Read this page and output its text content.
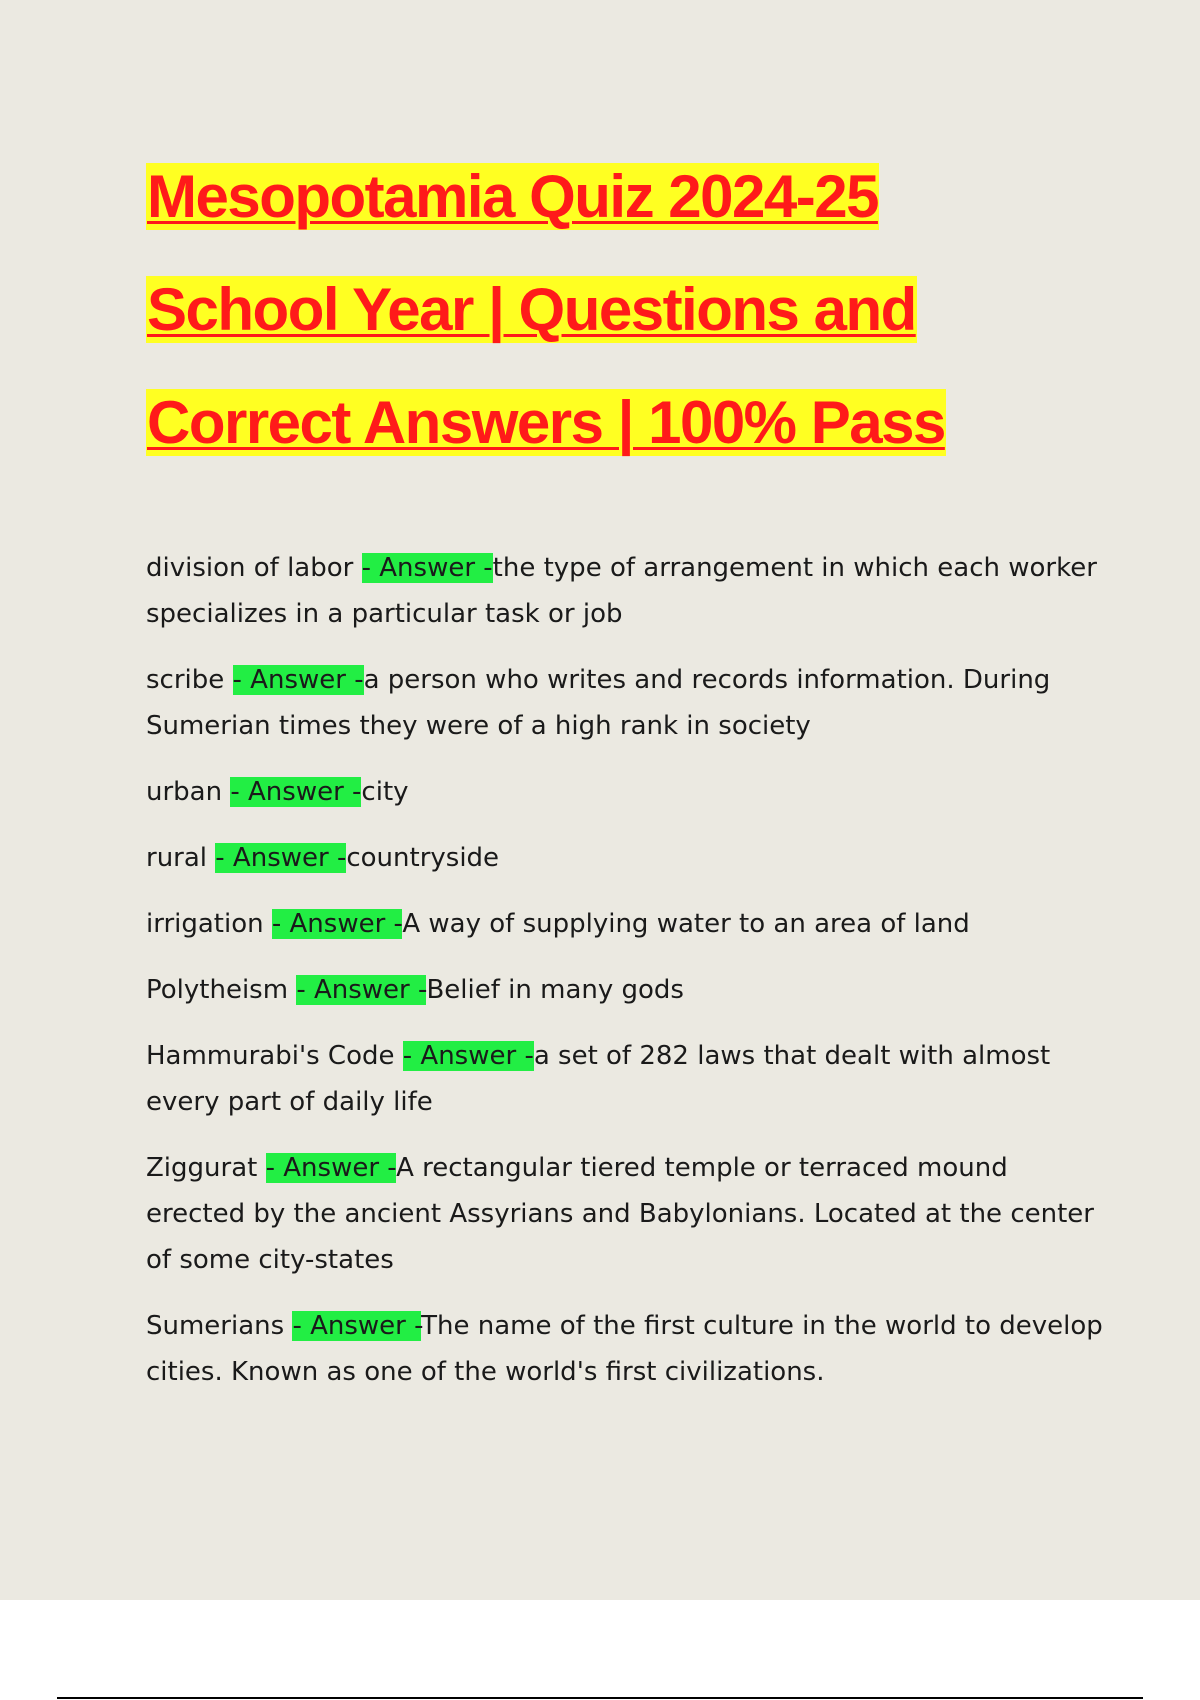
Mesopotamia Quiz 2024-25
School Year | Questions and
Correct Answers | 100% Pass

division of labor - Answer -the type of arrangement in which each worker specializes in a particular task or job

scribe - Answer -a person who writes and records information. During Sumerian times they were of a high rank in society

urban - Answer -city

rural - Answer -countryside

irrigation - Answer -A way of supplying water to an area of land

Polytheism - Answer -Belief in many gods

Hammurabi's Code - Answer -a set of 282 laws that dealt with almost every part of daily life

Ziggurat - Answer -A rectangular tiered temple or terraced mound erected by the ancient Assyrians and Babylonians. Located at the center of some city-states

Sumerians - Answer -The name of the first culture in the world to develop cities. Known as one of the world's first civilizations.
